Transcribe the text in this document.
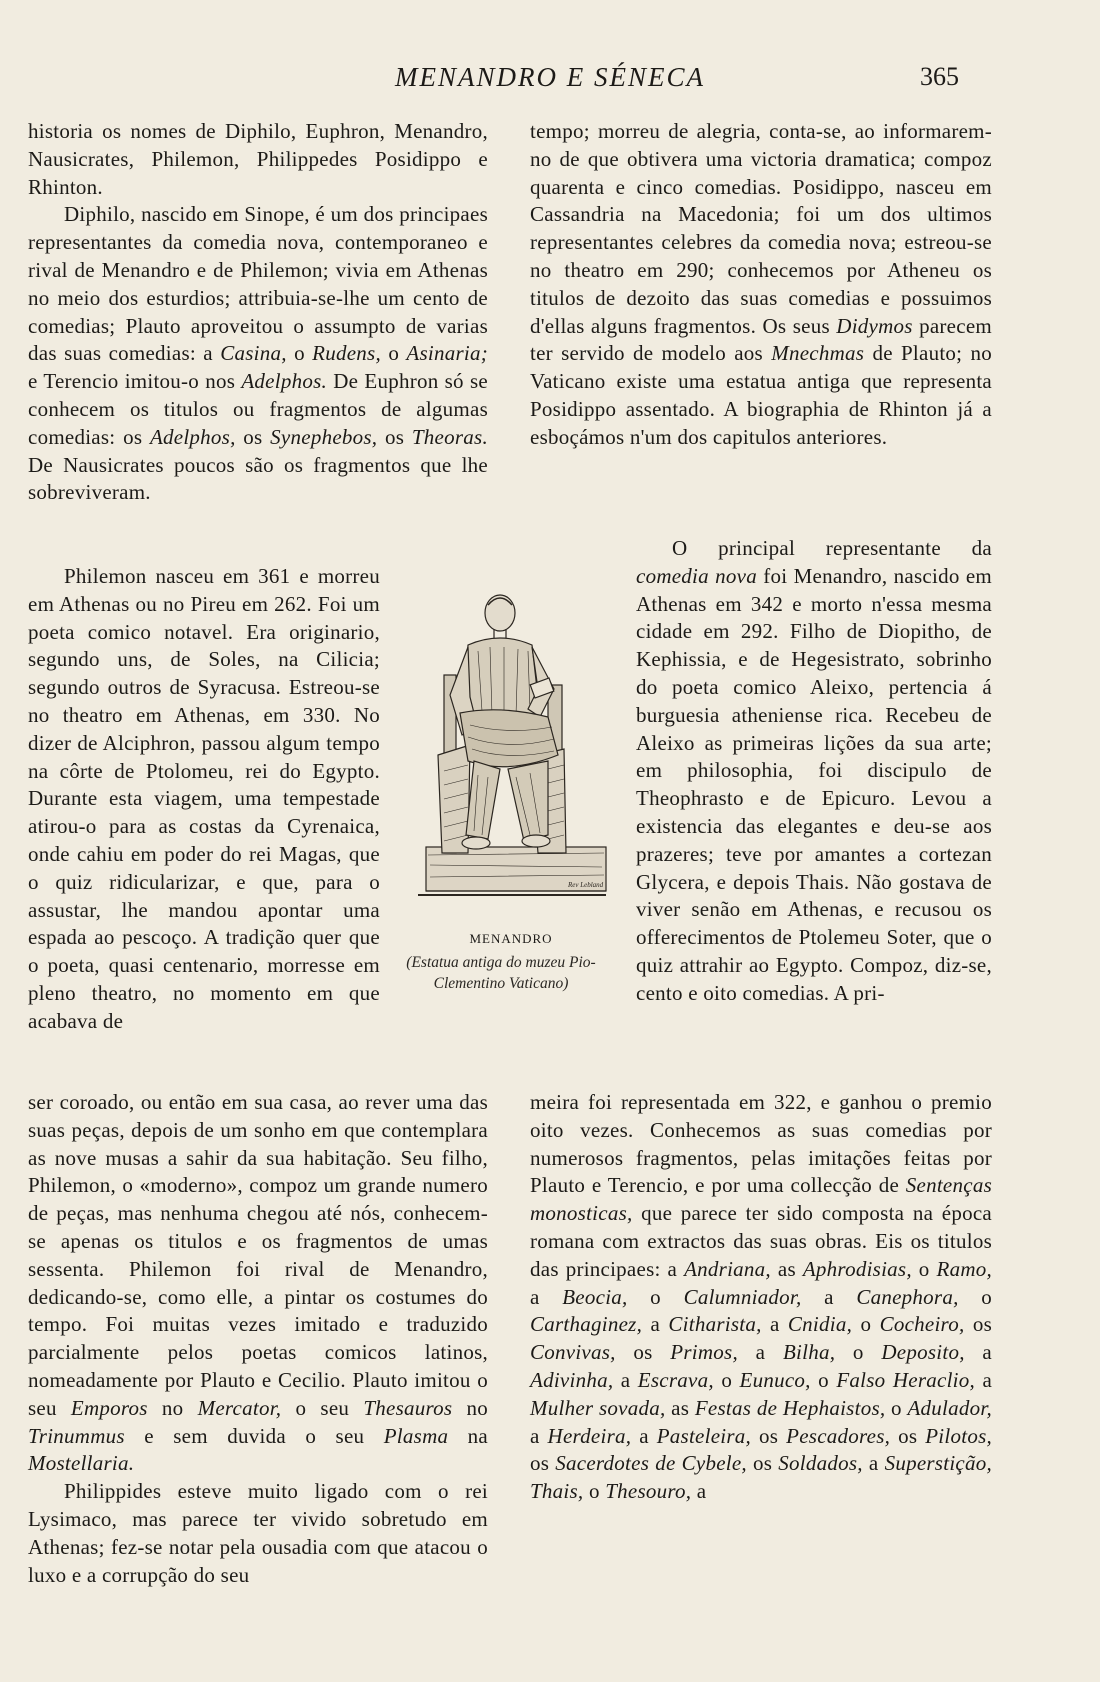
MENANDRO E SÉNECA	365

historia os nomes de Diphilo, Euphron, Menandro, Nausicrates, Philemon, Philippedes Posidippo e Rhinton.

Diphilo, nascido em Sinope, é um dos principaes representantes da comedia nova, contemporaneo e rival de Menandro e de Philemon; vivia em Athenas no meio dos esturdios; attribuia-se-lhe um cento de comedias; Plauto aproveitou o assumpto de varias das suas comedias: a Casina, o Rudens, o Asinaria; e Terencio imitou-o nos Adelphos. De Euphron só se conhecem os titulos ou fragmentos de algumas comedias: os Adelphos, os Synephebos, os Theoras. De Nausicrates poucos são os fragmentos que lhe sobreviveram.

Philemon nasceu em 361 e morreu em Athenas ou no Pireu em 262. Foi um poeta comico notavel. Era originario, segundo uns, de Soles, na Cilicia; segundo outros de Syracusa. Estreou-se no theatro em Athenas, em 330. No dizer de Alciphron, passou algum tempo na côrte de Ptolomeu, rei do Egypto. Durante esta viagem, uma tempestade atirou-o para as costas da Cyrenaica, onde cahiu em poder do rei Magas, que o quiz ridicularizar, e que, para o assustar, lhe mandou apontar uma espada ao pescoço. A tradição quer que o poeta, quasi centenario, morresse em pleno theatro, no momento em que acabava de

ser coroado, ou então em sua casa, ao rever uma das suas peças, depois de um sonho em que contemplara as nove musas a sahir da sua habitação. Seu filho, Philemon, o «moderno», compoz um grande numero de peças, mas nenhuma chegou até nós, conhecem-se apenas os titulos e os fragmentos de umas sessenta. Philemon foi rival de Menandro, dedicando-se, como elle, a pintar os costumes do tempo. Foi muitas vezes imitado e traduzido parcialmente pelos poetas comicos latinos, nomeadamente por Plauto e Cecilio. Plauto imitou o seu Emporos no Mercator, o seu Thesauros no Trinummus e sem duvida o seu Plasma na Mostellaria.

Philippides esteve muito ligado com o rei Lysimaco, mas parece ter vivido sobretudo em Athenas; fez-se notar pela ousadia com que atacou o luxo e a corrupção do seu

tempo; morreu de alegria, conta-se, ao informarem-no de que obtivera uma victoria dramatica; compoz quarenta e cinco comedias. Posidippo, nasceu em Cassandria na Macedonia; foi um dos ultimos representantes celebres da comedia nova; estreou-se no theatro em 290; conhecemos por Atheneu os titulos de dezoito das suas comedias e possuimos d'ellas alguns fragmentos. Os seus Didymos parecem ter servido de modelo aos Mnechmas de Plauto; no Vaticano existe uma estatua antiga que representa Posidippo assentado. A biographia de Rhinton já a esboçámos n'um dos capitulos anteriores.

O principal representante da comedia nova foi Menandro, nascido em Athenas em 342 e morto n'essa mesma cidade em 292. Filho de Diopitho, de Kephissia, e de Hegesistrato, sobrinho do poeta comico Aleixo, pertencia á burguesia atheniense rica. Recebeu de Aleixo as primeiras lições da sua arte; em philosophia, foi discipulo de Theophrasto e de Epicuro. Levou a existencia das elegantes e deu-se aos prazeres; teve por amantes a cortezan Glycera, e depois Thais. Não gostava de viver senão em Athenas, e recusou os offerecimentos de Ptolemeu Soter, que o quiz attrahir ao Egypto. Compoz, diz-se, cento e oito comedias. A pri-

meira foi representada em 322, e ganhou o premio oito vezes. Conhecemos as suas comedias por numerosos fragmentos, pelas imitações feitas por Plauto e Terencio, e por uma collecção de Sentenças monosticas, que parece ter sido composta na época romana com extractos das suas obras. Eis os titulos das principaes: a Andriana, as Aphrodisias, o Ramo, a Beocia, o Calumniador, a Canephora, o Carthaginez, a Citharista, a Cnidia, o Cocheiro, os Convivas, os Primos, a Bilha, o Deposito, a Adivinha, a Escrava, o Eunuco, o Falso Heraclio, a Mulher sovada, as Festas de Hephaistos, o Adulador, a Herdeira, a Pasteleira, os Pescadores, os Pilotos, os Sacerdotes de Cybele, os Soldados, a Superstição, Thais, o Thesouro, a

Rev Lebland
MENANDRO
(Estatua antiga do muzeu Pio-Clementino Vaticano)
